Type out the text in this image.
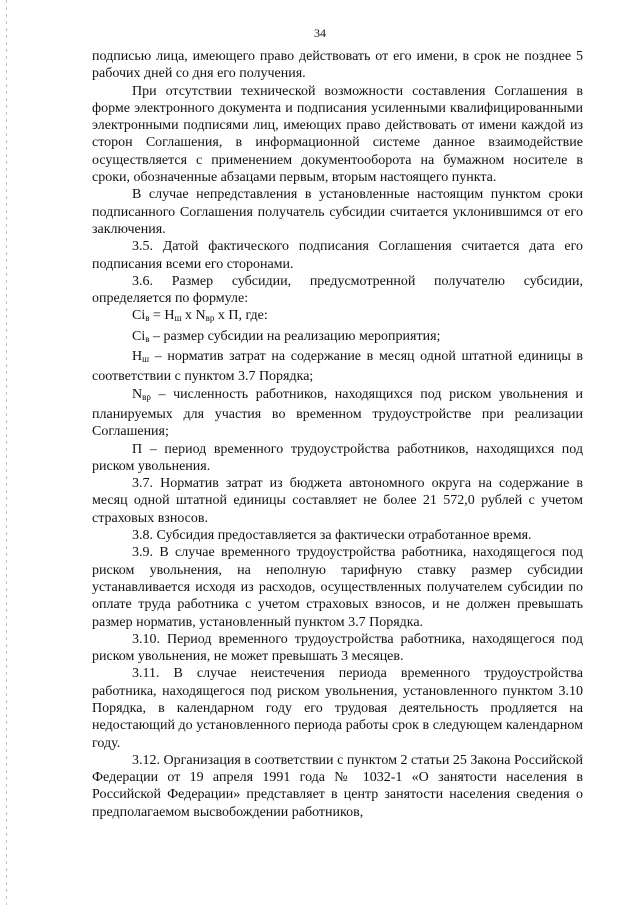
34

подписью лица, имеющего право действовать от его имени, в срок не позднее 5 рабочих дней со дня его получения.

При отсутствии технической возможности составления Соглашения в форме электронного документа и подписания усиленными квалифицированными электронными подписями лиц, имеющих право действовать от имени каждой из сторон Соглашения, в информационной системе данное взаимодействие осуществляется с применением документооборота на бумажном носителе в сроки, обозначенные абзацами первым, вторым настоящего пункта.

В случае непредставления в установленные настоящим пунктом сроки подписанного Соглашения получатель субсидии считается уклонившимся от его заключения.

3.5. Датой фактического подписания Соглашения считается дата его подписания всеми его сторонами.

3.6. Размер субсидии, предусмотренной получателю субсидии, определяется по формуле:

$Ci_в = Н_ш$ х $N_{вр}$ х П, где:

$Ci_в$ – размер субсидии на реализацию мероприятия;

$Н_ш$ – норматив затрат на содержание в месяц одной штатной единицы в соответствии с пунктом 3.7 Порядка;

$N_{вр}$ – численность работников, находящихся под риском увольнения и планируемых для участия во временном трудоустройстве при реализации Соглашения;

П – период временного трудоустройства работников, находящихся под риском увольнения.

3.7. Норматив затрат из бюджета автономного округа на содержание в месяц одной штатной единицы составляет не более 21 572,0 рублей с учетом страховых взносов.

3.8. Субсидия предоставляется за фактически отработанное время.

3.9. В случае временного трудоустройства работника, находящегося под риском увольнения, на неполную тарифную ставку размер субсидии устанавливается исходя из расходов, осуществленных получателем субсидии по оплате труда работника с учетом страховых взносов, и не должен превышать размер норматив, установленный пунктом 3.7 Порядка.

3.10. Период временного трудоустройства работника, находящегося под риском увольнения, не может превышать 3 месяцев.

3.11. В случае неистечения периода временного трудоустройства работника, находящегося под риском увольнения, установленного пунктом 3.10 Порядка, в календарном году его трудовая деятельность продляется на недостающий до установленного периода работы срок в следующем календарном году.

3.12. Организация в соответствии с пунктом 2 статьи 25 Закона Российской Федерации от 19 апреля 1991 года № 1032-1 «О занятости населения в Российской Федерации» представляет в центр занятости населения сведения о предполагаемом высвобождении работников,
